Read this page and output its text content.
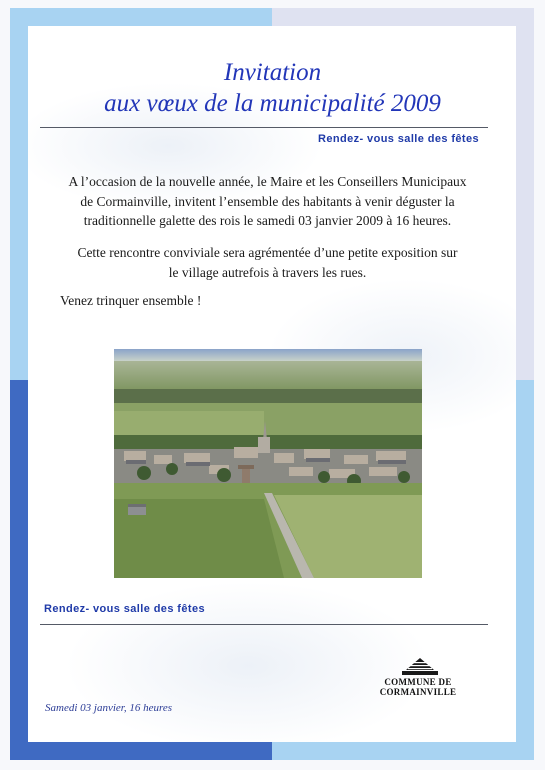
Invitation
aux vœux de la municipalité 2009
Rendez- vous salle des fêtes
A l’occasion de la nouvelle année, le Maire et les Conseillers Municipaux
de Cormainville, invitent l’ensemble des habitants à venir déguster la
traditionnelle galette des rois le samedi 03 janvier 2009 à 16 heures.
Cette rencontre conviviale sera agrémentée d’une petite exposition sur
le village autrefois à travers les rues.
Venez trinquer ensemble !
Rendez- vous salle des fêtes
Samedi 03 janvier, 16 heures
COMMUNE DE
CORMAINVILLE
